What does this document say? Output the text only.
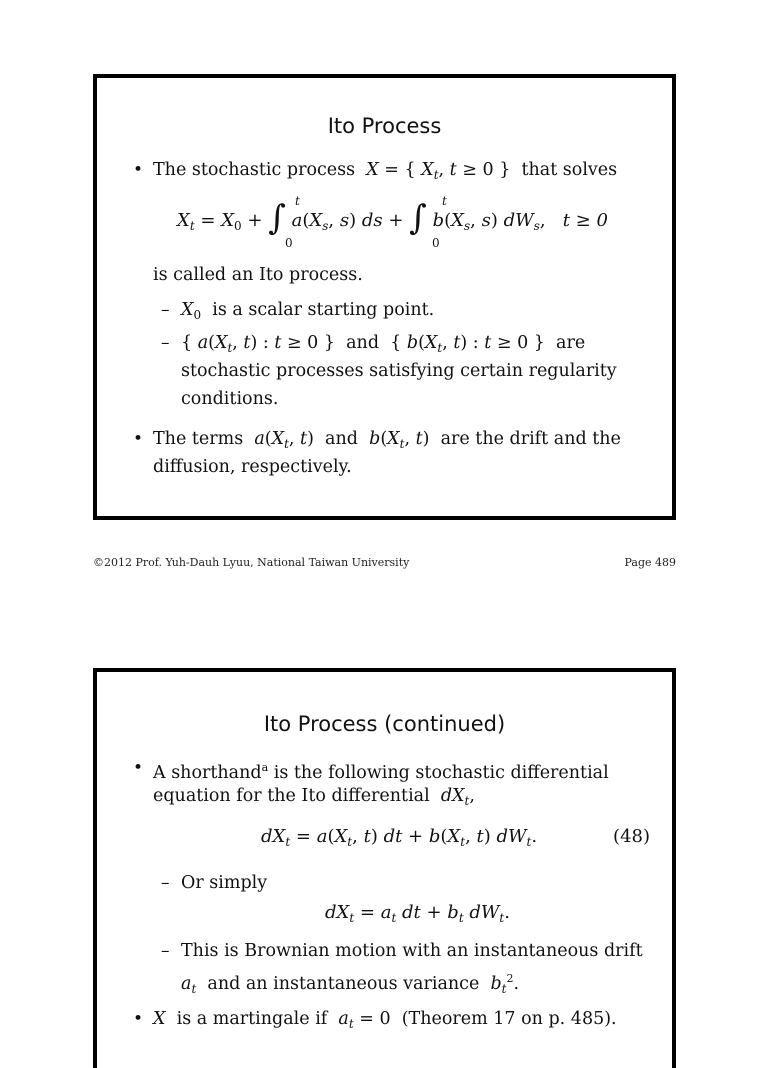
Ito Process
• The stochastic process X = { $X_t$, t ≥ 0 }  that solves
$X_t = X_0$ + ∫ $a(X_s$, s) ds + ∫ $b(X_s$, s) $dW_s$,   t ≥ 0
t
0
t
0
is called an Ito process.
– $X_0$ is a scalar starting point.
– { $a(X_t$, t) : t ≥ 0 }  and  { $b(X_t$, t) : t ≥ 0 }  are
stochastic processes satisfying certain regularity
conditions.
• The terms $a(X_t$, t)  and $b(X_t$, t)  are the drift and the
diffusion, respectively.
©2012 Prof. Yuh-Dauh Lyuu, National Taiwan University	Page 489
Ito Process (continued)
• A shorthand$^a$ is the following stochastic differential
equation for the Ito differential $dX_t$,
$dX_t = a(X_t$, t) dt + $b(X_t$, t) $dW_t$.	(48)
– Or simply
$dX_t = a_t$ dt + $b_t$ $dW_t$.
– This is Brownian motion with an instantaneous drift
$a_t$ and an instantaneous variance $b_t^2$.
• X is a martingale if $a_t = 0$  (Theorem 17 on p. 485).
